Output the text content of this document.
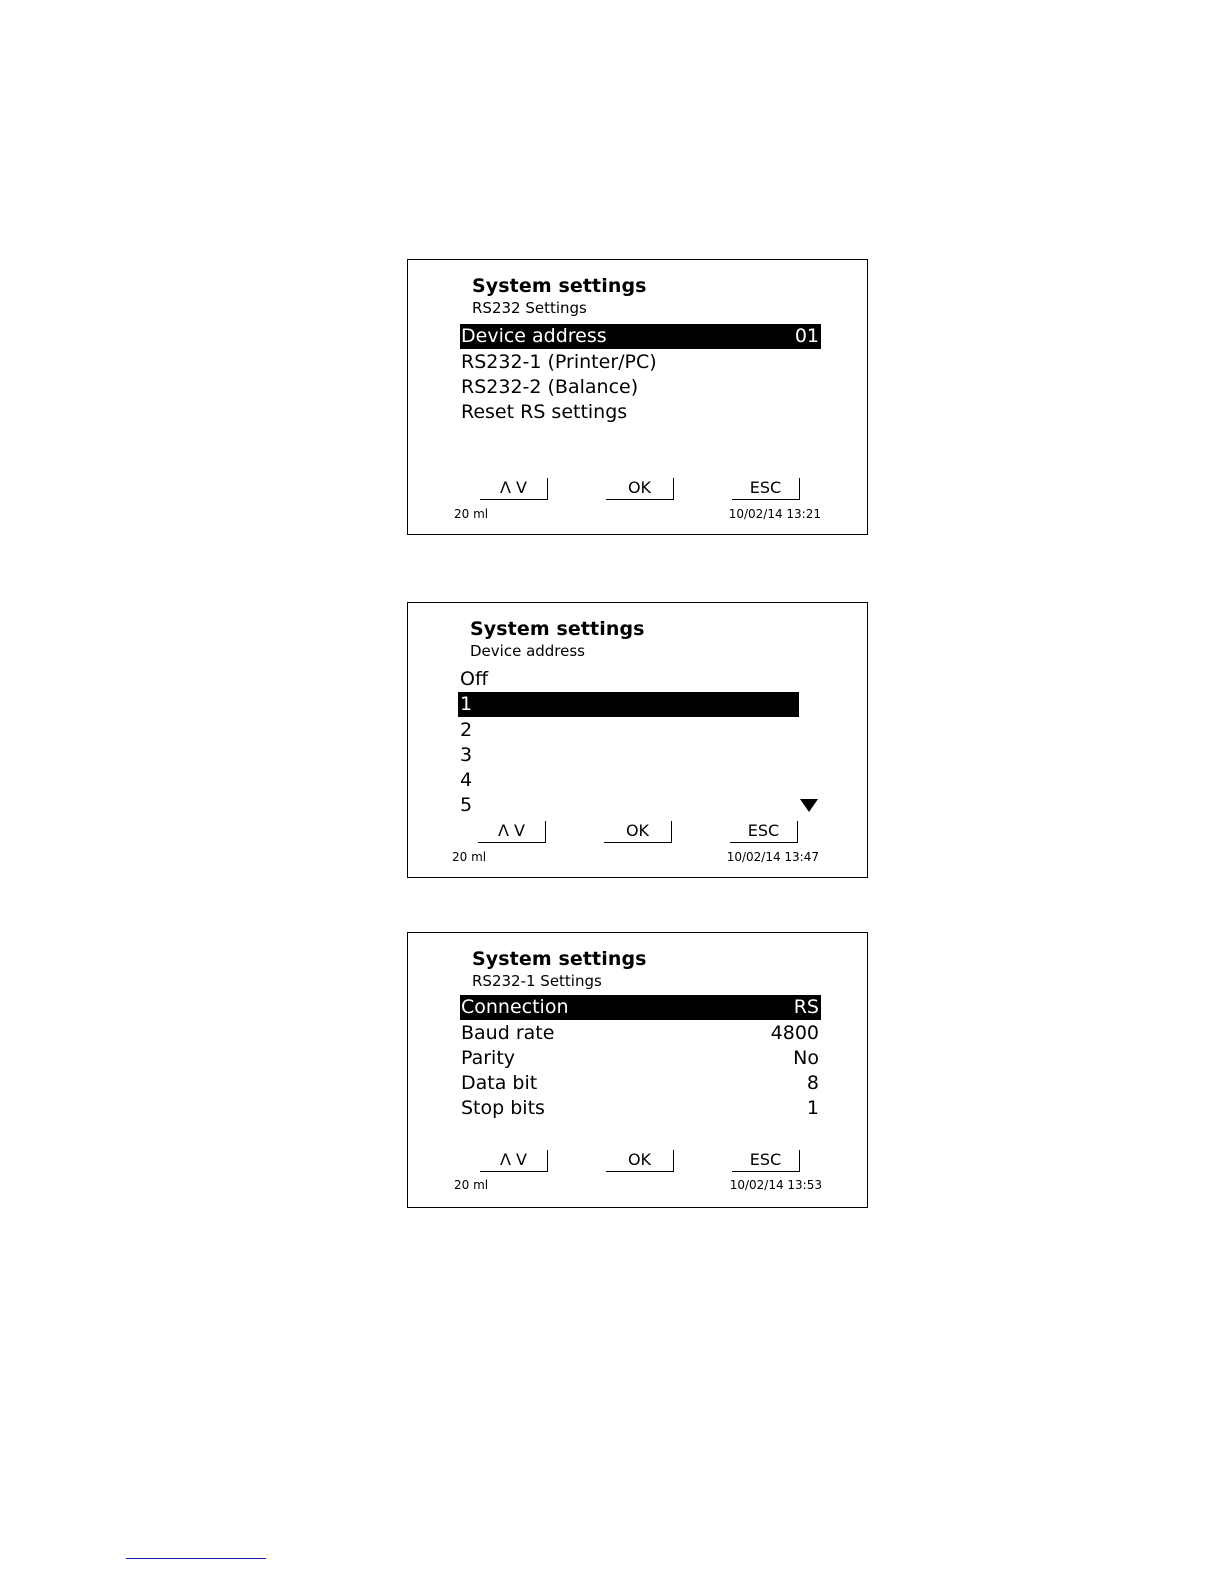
System settings
RS232 Settings
Device address	01
RS232-1 (Printer/PC)
RS232-2 (Balance)
Reset RS settings
Λ V	OK	ESC
20 ml	10/02/14 13:21
System settings
Device address
Off
1
2
3
4
5
Λ V	OK	ESC
20 ml	10/02/14 13:47
System settings
RS232-1 Settings
Connection	RS
Baud rate	4800
Parity	No
Data bit	8
Stop bits	1
Λ V	OK	ESC
20 ml	10/02/14 13:53
